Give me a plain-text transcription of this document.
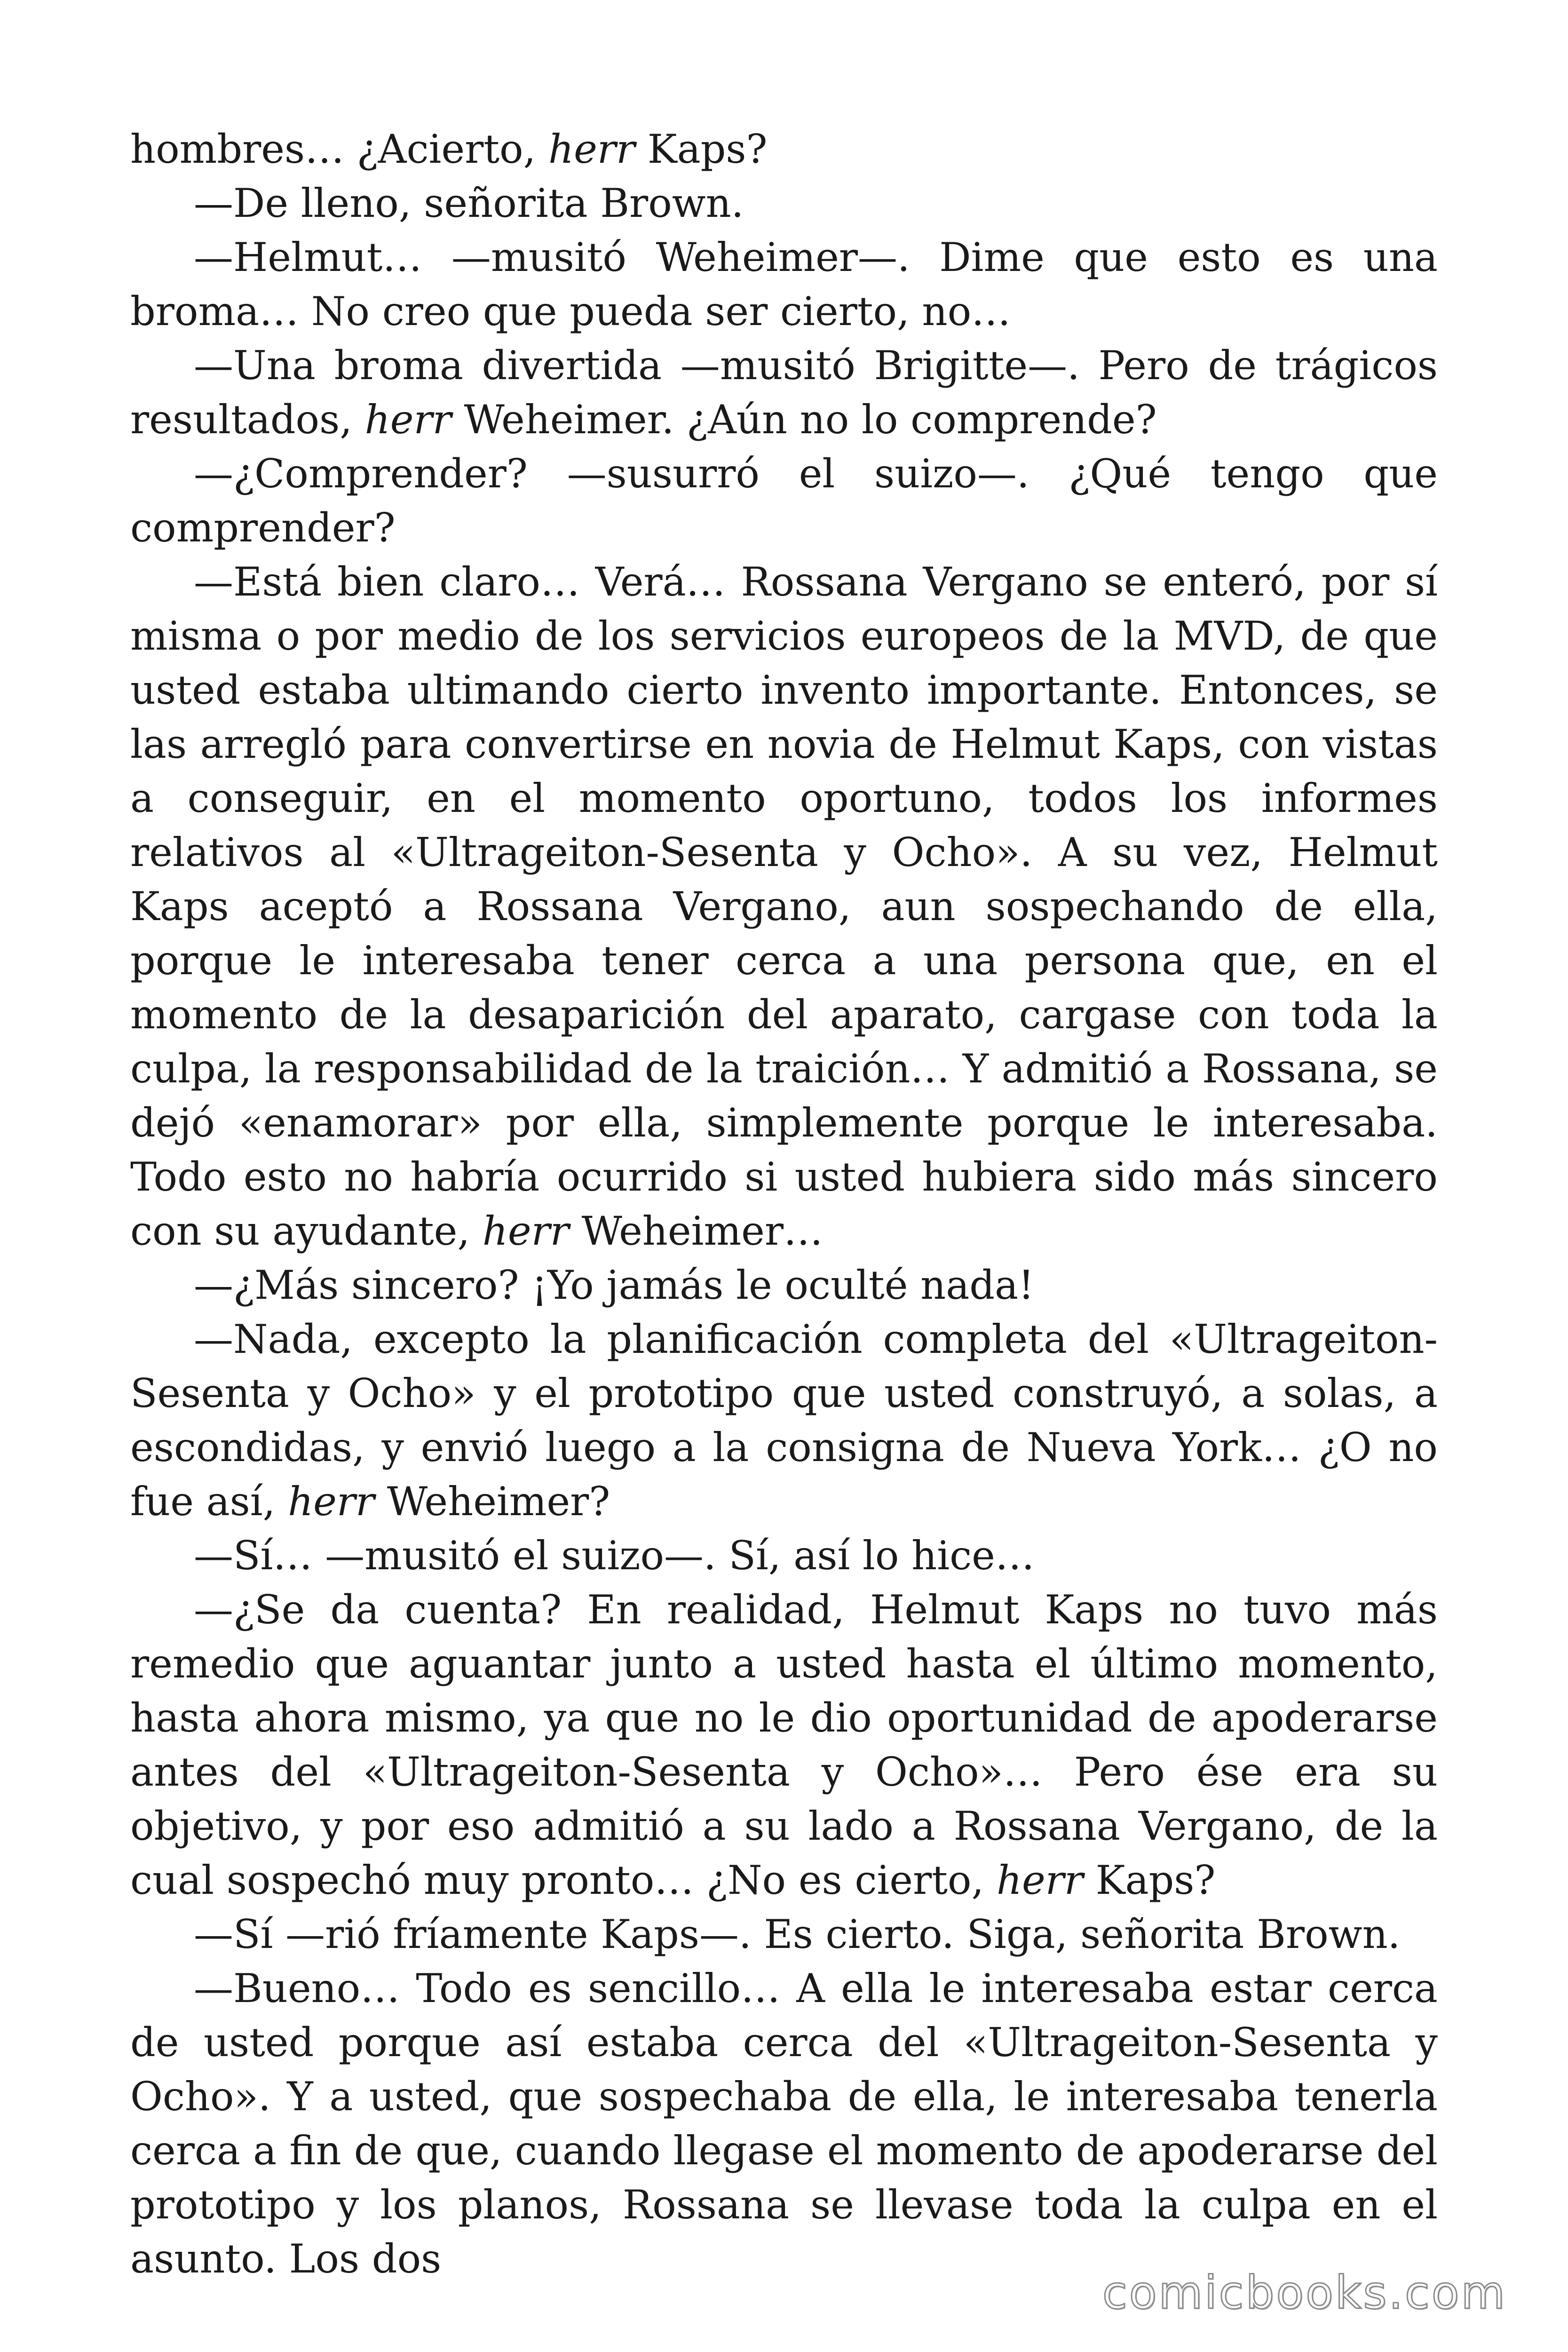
hombres… ¿Acierto, herr Kaps?

—De lleno, señorita Brown.

—Helmut… —musitó Weheimer—. Dime que esto es una broma… No creo que pueda ser cierto, no…

—Una broma divertida —musitó Brigitte—. Pero de trágicos resultados, herr Weheimer. ¿Aún no lo comprende?

—¿Comprender? —susurró el suizo—. ¿Qué tengo que comprender?

—Está bien claro… Verá… Rossana Vergano se enteró, por sí misma o por medio de los servicios europeos de la MVD, de que usted estaba ultimando cierto invento importante. Entonces, se las arregló para convertirse en novia de Helmut Kaps, con vistas a conseguir, en el momento oportuno, todos los informes relativos al «Ultrageiton-Sesenta y Ocho». A su vez, Helmut Kaps aceptó a Rossana Vergano, aun sospechando de ella, porque le interesaba tener cerca a una persona que, en el momento de la desaparición del aparato, cargase con toda la culpa, la responsabilidad de la traición… Y admitió a Rossana, se dejó «enamorar» por ella, simplemente porque le interesaba. Todo esto no habría ocurrido si usted hubiera sido más sincero con su ayudante, herr Weheimer…

—¿Más sincero? ¡Yo jamás le oculté nada!

—Nada, excepto la planificación completa del «Ultrageiton-Sesenta y Ocho» y el prototipo que usted construyó, a solas, a escondidas, y envió luego a la consigna de Nueva York… ¿O no fue así, herr Weheimer?

—Sí… —musitó el suizo—. Sí, así lo hice…

—¿Se da cuenta? En realidad, Helmut Kaps no tuvo más remedio que aguantar junto a usted hasta el último momento, hasta ahora mismo, ya que no le dio oportunidad de apoderarse antes del «Ultrageiton-Sesenta y Ocho»… Pero ése era su objetivo, y por eso admitió a su lado a Rossana Vergano, de la cual sospechó muy pronto… ¿No es cierto, herr Kaps?

—Sí —rió fríamente Kaps—. Es cierto. Siga, señorita Brown.

—Bueno… Todo es sencillo… A ella le interesaba estar cerca de usted porque así estaba cerca del «Ultrageiton-Sesenta y Ocho». Y a usted, que sospechaba de ella, le interesaba tenerla cerca a fin de que, cuando llegase el momento de apoderarse del prototipo y los planos, Rossana se llevase toda la culpa en el asunto. Los dos

comicbooks.com
